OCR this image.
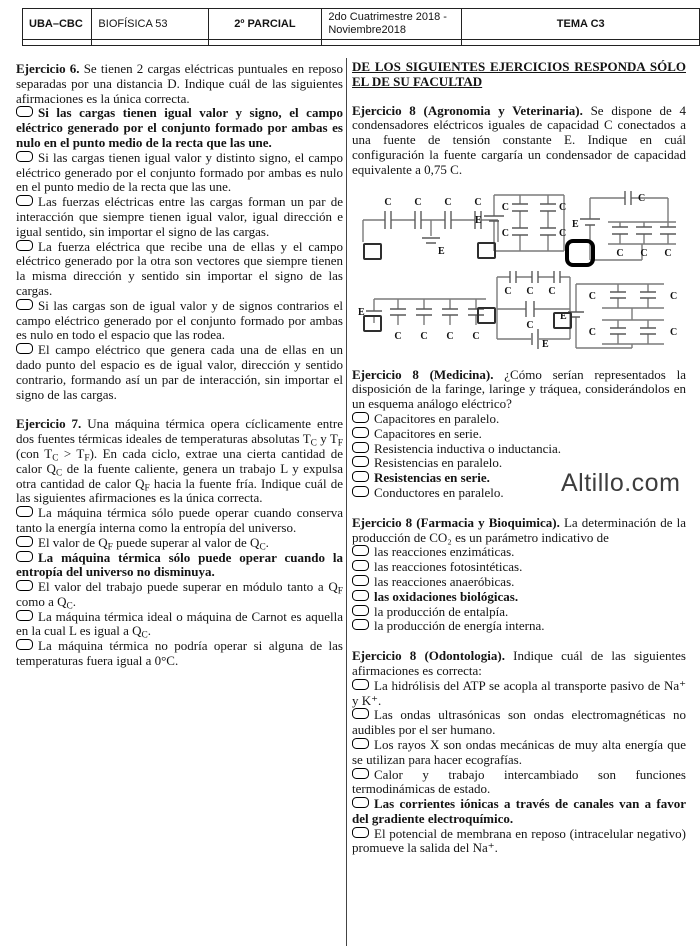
UBA–CBC	BIOFÍSICA 53	2º PARCIAL	2do Cuatrimestre 2018 - Noviembre2018	TEMA C3

Ejercicio 6. Se tienen 2 cargas eléctricas puntuales en reposo separadas por una distancia D. Indique cuál de las siguientes afirmaciones es la única correcta.

Si las cargas tienen igual valor y signo, el campo eléctrico generado por el conjunto formado por ambas es nulo en el punto medio de la recta que las une.

Si las cargas tienen igual valor y distinto signo, el campo eléctrico generado por el conjunto formado por ambas es nulo en el punto medio de la recta que las une.

Las fuerzas eléctricas entre las cargas forman un par de interacción que siempre tienen igual valor, igual dirección e igual sentido, sin importar el signo de las cargas.

La fuerza eléctrica que recibe una de ellas y el campo eléctrico generado por la otra son vectores que siempre tienen la misma dirección y sentido sin importar el signo de las cargas.

Si las cargas son de igual valor y de signos contrarios el campo eléctrico generado por el conjunto formado por ambas es nulo en todo el espacio que las rodea.

El campo eléctrico que genera cada una de ellas en un dado punto del espacio es de igual valor, dirección y sentido contrario, formando así un par de interacción, sin importar el signo de las cargas.

Ejercicio 7. Una máquina térmica opera cíclicamente entre dos fuentes térmicas ideales de temperaturas absolutas $T_C$ y $T_F$ (con $T_C > T_F$). En cada ciclo, extrae una cierta cantidad de calor $Q_C$ de la fuente caliente, genera un trabajo L y expulsa otra cantidad de calor $Q_F$ hacia la fuente fría. Indique cuál de las siguientes afirmaciones es la única correcta.

La máquina térmica sólo puede operar cuando conserva tanto la energía interna como la entropía del universo.

El valor de $Q_F$ puede superar al valor de $Q_C$.

La máquina térmica sólo puede operar cuando la entropía del universo no disminuya.

El valor del trabajo puede superar en módulo tanto a $Q_F$ como a $Q_C$.

La máquina térmica ideal o máquina de Carnot es aquella en la cual L es igual a $Q_C$.

La máquina térmica no podría operar si alguna de las temperaturas fuera igual a 0°C.

DE LOS SIGUIENTES EJERCICIOS RESPONDA SÓLO EL DE SU FACULTAD

Ejercicio 8 (Agronomia y Veterinaria). Se dispone de 4 condensadores eléctricos iguales de capacidad C conectados a una fuente de tensión constante E. Indique en cuál configuración la fuente cargaría un condensador de capacidad equivalente a 0,75 C.

C C C C
E
E
C	C
C	C
C
E
C C C
E
C C C C
C C C
C
E
C	C
C	C
E

Ejercicio 8 (Medicina). ¿Cómo serían representados la disposición de la faringe, laringe y tráquea, considerándolos en un esquema análogo eléctrico?

Capacitores en paralelo.

Capacitores en serie.

Resistencia inductiva o inductancia.

Resistencias en paralelo.

Resistencias en serie.

Conductores en paralelo.

Ejercicio 8 (Farmacia y Bioquimica). La determinación de la producción de CO₂ es un parámetro indicativo de

las reacciones enzimáticas.

las reacciones fotosintéticas.

las reacciones anaeróbicas.

las oxidaciones biológicas.

la producción de entalpía.

la producción de energía interna.

Ejercicio 8 (Odontologia). Indique cuál de las siguientes afirmaciones es correcta:

La hidrólisis del ATP se acopla al transporte pasivo de Na⁺ y K⁺.

Las ondas ultrasónicas son ondas electromagnéticas no audibles por el ser humano.

Los rayos X son ondas mecánicas de muy alta energía que se utilizan para hacer ecografías.

Calor y trabajo intercambiado son funciones termodinámicas de estado.

Las corrientes iónicas a través de canales van a favor del gradiente electroquímico.

El potencial de membrana en reposo (intracelular negativo) promueve la salida del Na⁺.

Altillo.com
